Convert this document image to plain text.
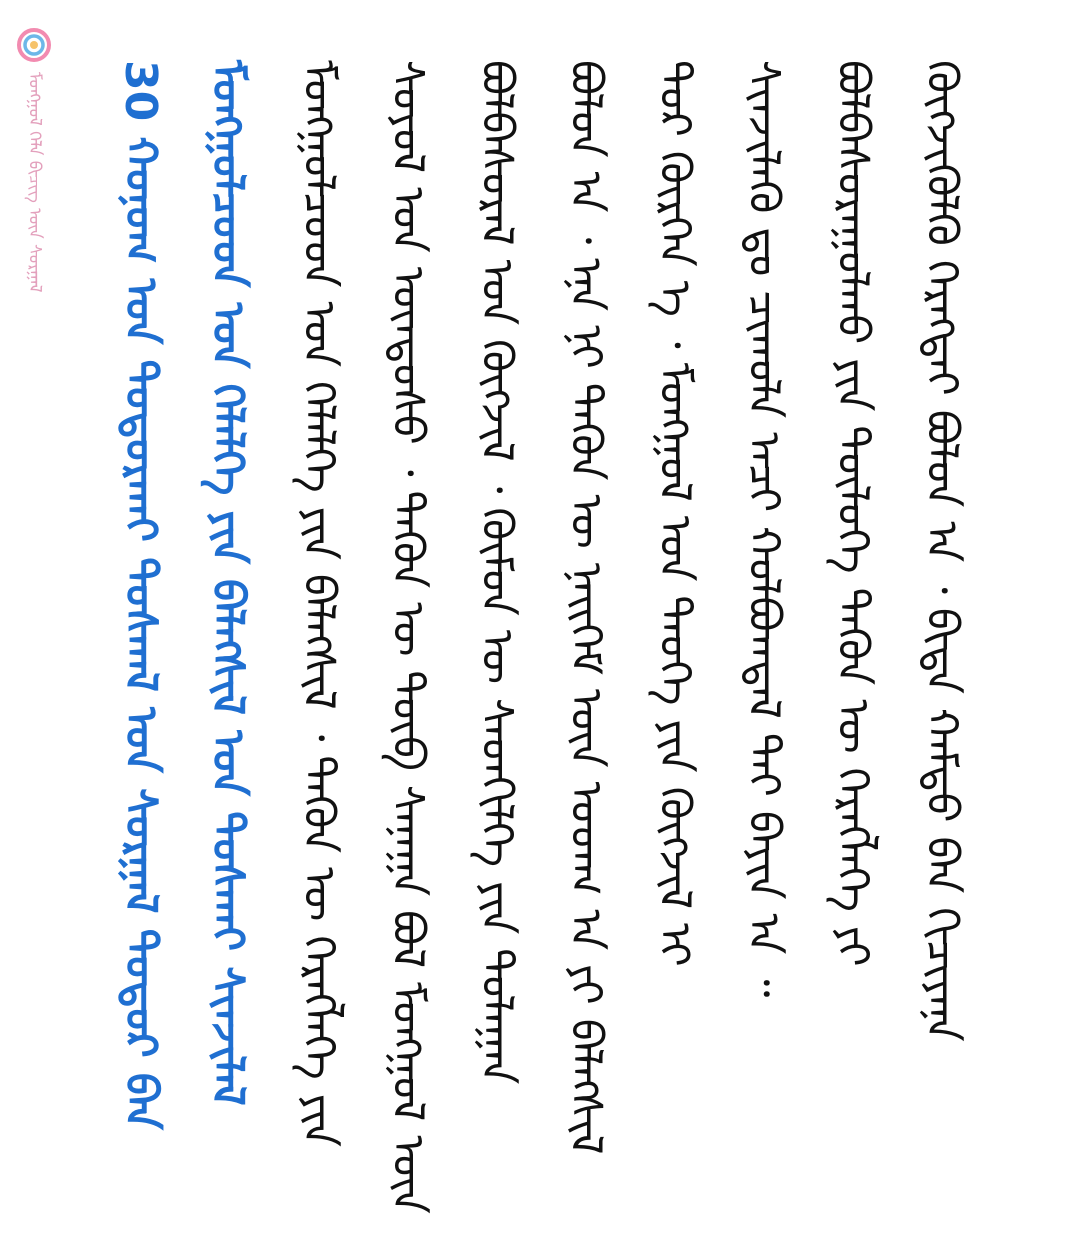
ᠮᠣᠩᠭᠣᠯ ᠬᠡᠯᠡ ᠪᠢᠴᠢᠭ ᠦᠨ ᠰᠤᠷᠭᠠᠯ 30 ᠬᠣᠨᠣᠭ ᠤᠨ ᠳᠤᠳᠤᠷᠬᠠᠢ ᠳᠤᠰᠬᠠᠯ ᠤᠨ ᠰᠤᠷᠭᠠᠯ ᠳᠣᠲᠣᠷ ᠪᠡᠨ ᠮᠣᠩᠭᠣᠯᠴᠤᠳ ᠤᠨ ᠬᠡᠯᠡᠯᠭᠡ ᠶᠢᠨ ᠪᠡᠯᠡᠭᠰᠢᠯ ᠤᠨ ᠲᠤᠰᠬᠠᠢ ᠰᠢᠨᠵᠢᠯᠡᠯ ᠮᠣᠩᠭᠣᠯᠴᠤᠳ ᠤᠨ ᠬᠡᠯᠡᠯᠭᠡ ᠶᠢᠨ ᠪᠡᠯᠡᠭᠰᠢᠯ ᠂ ᠲᠡᠭᠦᠨ ᠦ ᠬᠡᠷᠡᠭᠯᠡᠭᠡ ᠶᠢᠨ ᠰᠣᠶᠣᠯ ᠤᠨ ᠦᠨᠳᠦᠰᠦ ᠂ ᠲᠡᠭᠦᠨ ᠦ ᠲᠦᠪ ᠰᠠᠨᠠᠭᠠ ᠪᠣᠯ ᠮᠣᠩᠭᠣᠯ ᠦᠨ ᠪᠣᠯᠪᠠᠰᠤᠷᠠᠯ ᠤᠨ ᠬᠥᠭᠵᠢᠯ ᠂ ᠬᠦᠮᠦᠨ ᠦ ᠰᠡᠳᠬᠢᠯᠭᠡ ᠶᠢᠨ ᠲᠤᠯᠠᠭᠠᠨ ᠪᠣᠯᠤᠨ ᠠ ᠂ ᠡᠨᠡ ᠨᠢ ᠲᠡᠭᠦᠨ ᠦ ᠨᠡᠢᠭᠡᠮ ᠦᠨ ᠤᠳᠬ ᠠ ᠶᠢ ᠪᠡᠯᠡᠭᠰᠢᠯ ᠳᠤᠷ ᠬᠦᠷᠭᠡᠨ ᠡ ᠂ ᠮᠣᠩᠭᠣᠯ ᠤᠨ ᠲᠡᠦᠬᠡ ᠶᠢᠨ ᠬᠥᠭᠵᠢᠯ ᠢ ᠰᠢᠨᠵᠢᠯᠡᠬᠦ ᠳᠤ ᠴᠢᠬᠤᠯᠠ ᠠᠴᠢ ᠬᠣᠯᠪᠣᠭᠳᠠᠯ ᠲᠠᠢ ᠪᠠᠶᠢᠨ ᠠ ᠃ ᠪᠣᠯᠪᠠᠰᠤᠷᠠᠭᠤᠯᠬᠤ ᠶᠢᠨ ᠲᠥᠯᠥᠭᠡ ᠲᠡᠭᠦᠨ ᠦ ᠬᠡᠷᠡᠭᠯᠡᠭᠡ ᠶᠢ ᠬᠥᠭᠵᠢᠭᠦᠯᠬᠦ ᠬᠡᠷᠡᠭᠲᠡᠢ ᠪᠣᠯᠤᠨ ᠠ ᠂ ᠪᠢᠳᠡ ᠬᠠᠮᠲᠤ ᠪᠡᠨ ᠬᠢᠴᠢᠶᠡᠨᠡ
